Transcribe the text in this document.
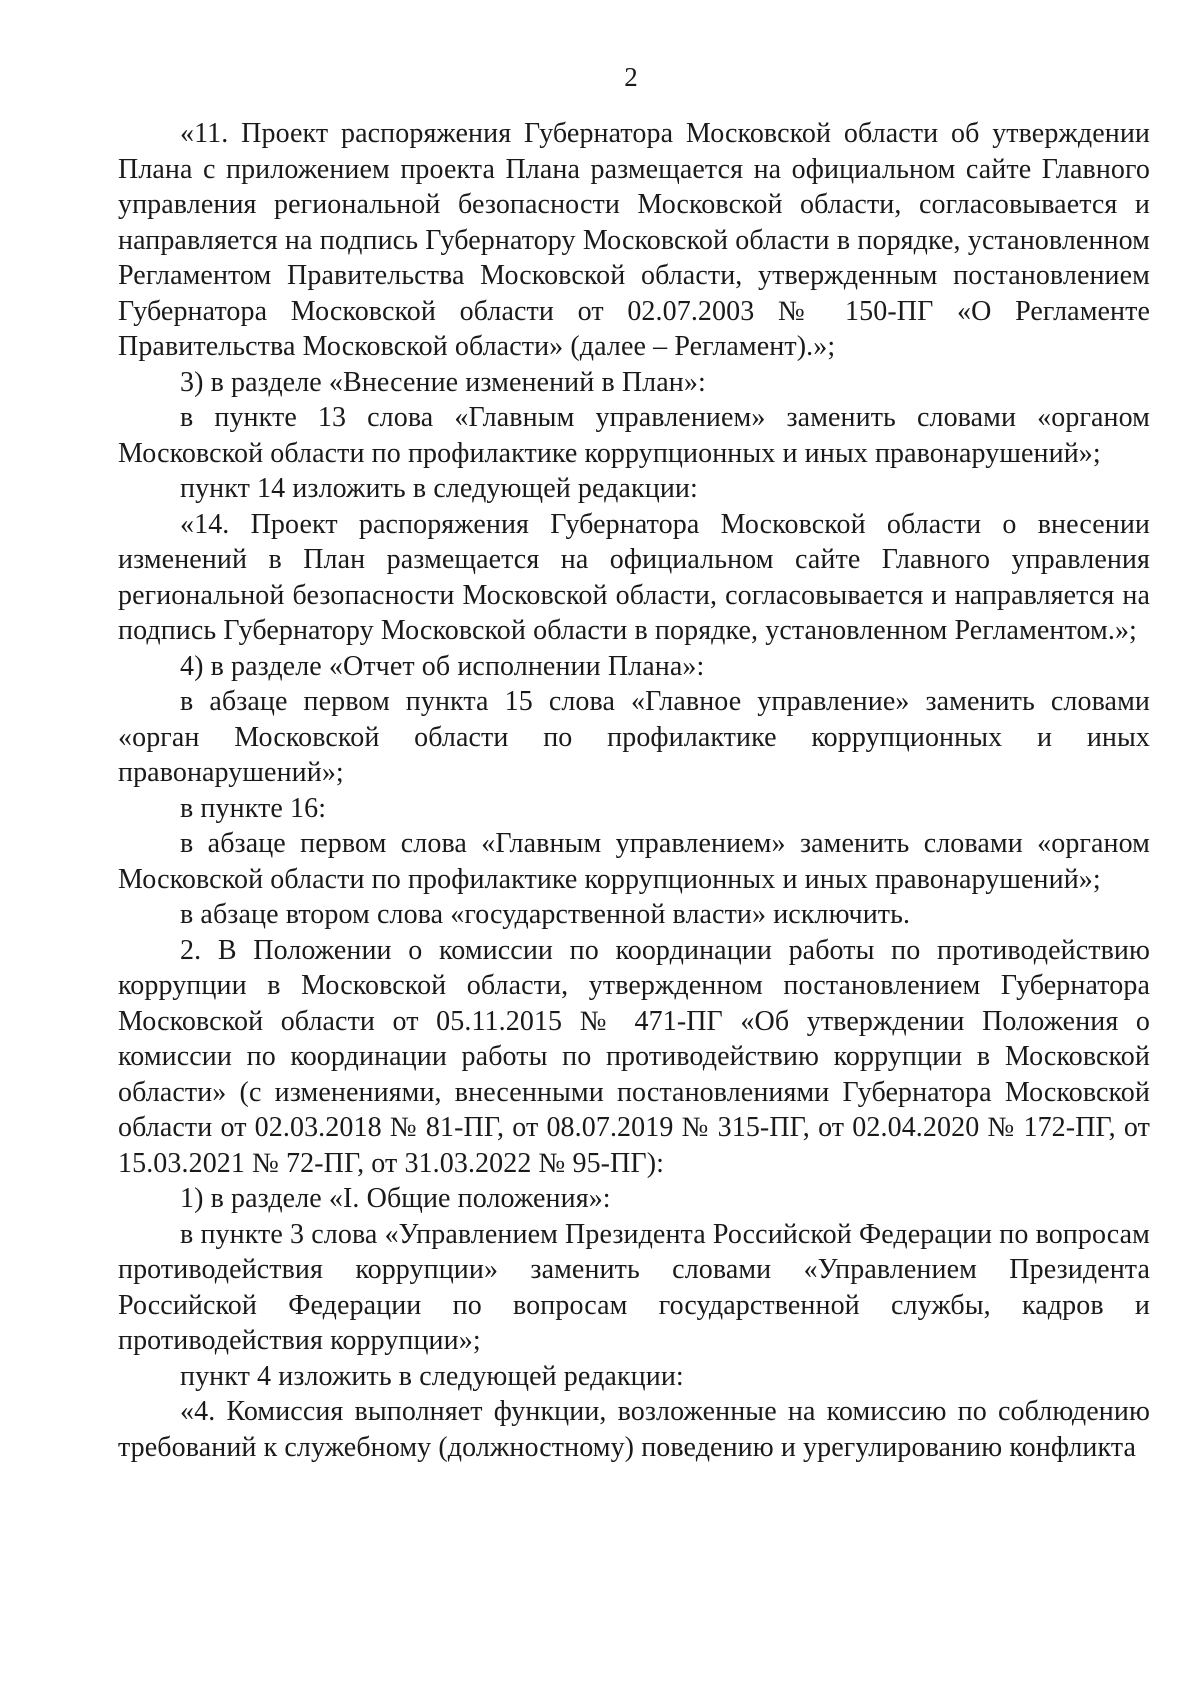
2

«11. Проект распоряжения Губернатора Московской области об утверждении Плана с приложением проекта Плана размещается на официальном сайте Главного управления региональной безопасности Московской области, согласовывается и направляется на подпись Губернатору Московской области в порядке, установленном Регламентом Правительства Московской области, утвержденным постановлением Губернатора Московской области от 02.07.2003 № 150-ПГ «О Регламенте Правительства Московской области» (далее – Регламент).»;

3) в разделе «Внесение изменений в План»:

в пункте 13 слова «Главным управлением» заменить словами «органом Московской области по профилактике коррупционных и иных правонарушений»;

пункт 14 изложить в следующей редакции:

«14. Проект распоряжения Губернатора Московской области о внесении изменений в План размещается на официальном сайте Главного управления региональной безопасности Московской области, согласовывается и направляется на подпись Губернатору Московской области в порядке, установленном Регламентом.»;

4) в разделе «Отчет об исполнении Плана»:

в абзаце первом пункта 15 слова «Главное управление» заменить словами «орган Московской области по профилактике коррупционных и иных правонарушений»;

в пункте 16:

в абзаце первом слова «Главным управлением» заменить словами «органом Московской области по профилактике коррупционных и иных правонарушений»;

в абзаце втором слова «государственной власти» исключить.

2. В Положении о комиссии по координации работы по противодействию коррупции в Московской области, утвержденном постановлением Губернатора Московской области от 05.11.2015 № 471-ПГ «Об утверждении Положения о комиссии по координации работы по противодействию коррупции в Московской области» (с изменениями, внесенными постановлениями Губернатора Московской области от 02.03.2018 № 81-ПГ, от 08.07.2019 № 315-ПГ, от 02.04.2020 № 172-ПГ, от 15.03.2021 № 72-ПГ, от 31.03.2022 № 95-ПГ):

1) в разделе «I. Общие положения»:

в пункте 3 слова «Управлением Президента Российской Федерации по вопросам противодействия коррупции» заменить словами «Управлением Президента Российской Федерации по вопросам государственной службы, кадров и противодействия коррупции»;

пункт 4 изложить в следующей редакции:

«4. Комиссия выполняет функции, возложенные на комиссию по соблюдению требований к служебному (должностному) поведению и урегулированию конфликта
